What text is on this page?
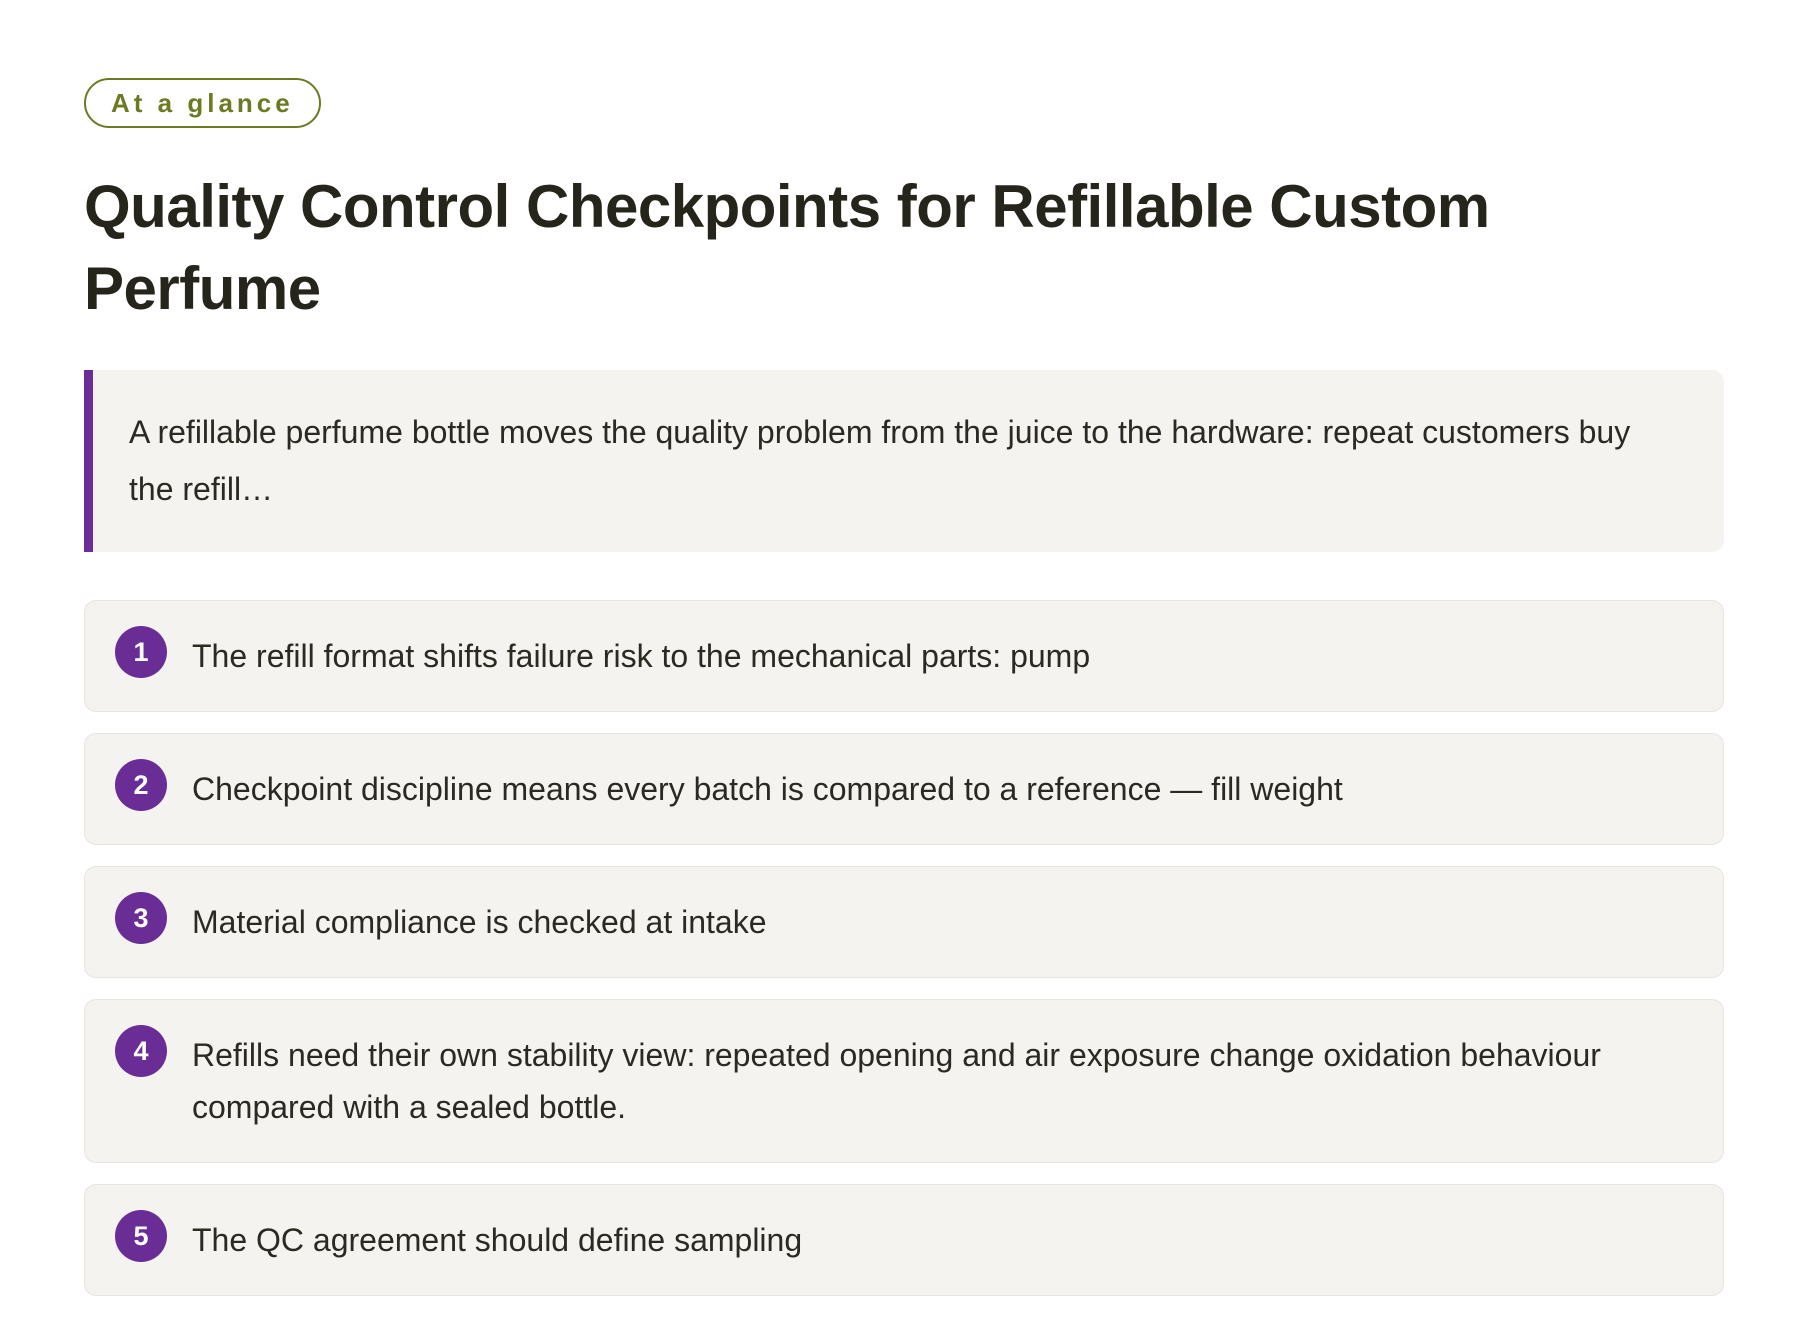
At a glance
Quality Control Checkpoints for Refillable Custom Perfume
A refillable perfume bottle moves the quality problem from the juice to the hardware: repeat customers buy the refill…
1	The refill format shifts failure risk to the mechanical parts: pump
2	Checkpoint discipline means every batch is compared to a reference — fill weight
3	Material compliance is checked at intake
4	Refills need their own stability view: repeated opening and air exposure change oxidation behaviour compared with a sealed bottle.
5	The QC agreement should define sampling
